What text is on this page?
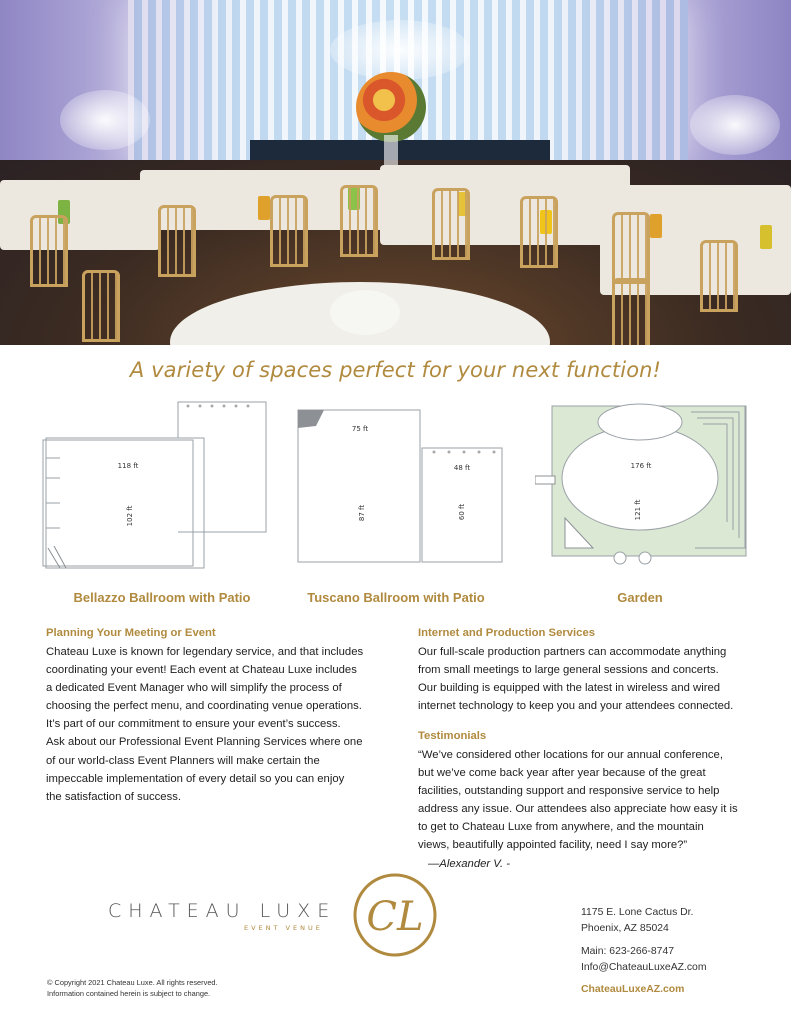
A variety of spaces perfect for your next function!
118 ft
102 ft
75 ft
87 ft
48 ft
60 ft
176 ft
121 ft
Bellazzo Ballroom with Patio	Tuscano Ballroom with Patio	Garden
Planning Your Meeting or Event

Chateau Luxe is known for legendary service, and that includes

coordinating your event! Each event at Chateau Luxe includes

a dedicated Event Manager who will simplify the process of

choosing the perfect menu, and coordinating venue operations.

It’s part of our commitment to ensure your event’s success.

Ask about our Professional Event Planning Services where one

of our world-class Event Planners will make certain the

impeccable implementation of every detail so you can enjoy

the satisfaction of success.

Internet and Production Services

Our full-scale production partners can accommodate anything

from small meetings to large general sessions and concerts.

Our building is equipped with the latest in wireless and wired

internet technology to keep you and your attendees connected.

Testimonials

“We’ve considered other locations for our annual conference,

but we’ve come back year after year because of the great

facilities, outstanding support and responsive service to help

address any issue. Our attendees also appreciate how easy it is

to get to Chateau Luxe from anywhere, and the mountain

views, beautifully appointed facility, need I say more?”

—Alexander V. -

CHATEAU LUXE
EVENT VENUE CL	1175 E. Lone Cactus Dr.
Phoenix, AZ 85024
Main: 623-266-8747
Info@ChateauLuxeAZ.com
ChateauLuxeAZ.com
© Copyright 2021 Chateau Luxe. All rights reserved.
Information contained herein is subject to change.
